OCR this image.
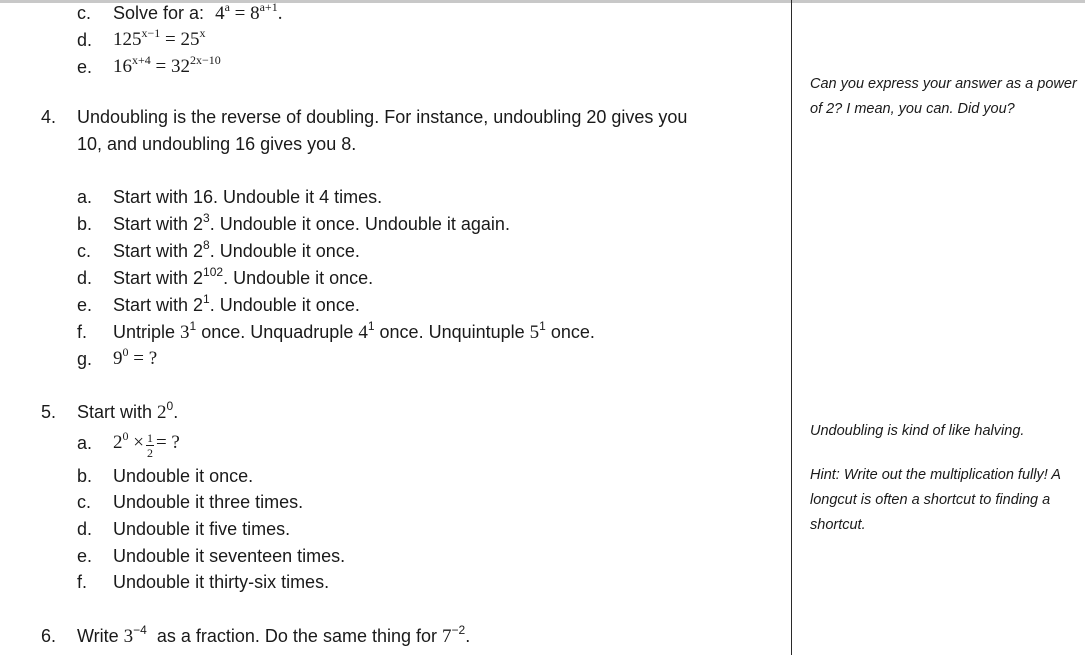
c. Solve for a: $4^a = 8^{a+1}$.
d. $125^{x-1} = 25^x$
e. $16^{x+4} = 32^{2x-10}$
4. Undoubling is the reverse of doubling. For instance, undoubling 20 gives you
10, and undoubling 16 gives you 8.
a. Start with 16. Undouble it 4 times.
b. Start with $2^3$. Undouble it once. Undouble it again.
c. Start with $2^8$. Undouble it once.
d. Start with $2^{102}$. Undouble it once.
e. Start with $2^1$. Undouble it once.
f. Untriple $3^1$ once. Unquadruple $4^1$ once. Unquintuple $5^1$ once.
g. $9^0$ = ?
5. Start with $2^0$.
a. $2^0 \times \frac{1}{2}$ = ?
b. Undouble it once.
c. Undouble it three times.
d. Undouble it five times.
e. Undouble it seventeen times.
f. Undouble it thirty-six times.
6. Write $3^{-4}$  as a fraction. Do the same thing for $7^{-2}$.
Can you express your answer as a power of 2? I mean, you can. Did you?
Undoubling is kind of like halving.
Hint: Write out the multiplication fully! A longcut is often a shortcut to finding a shortcut.
